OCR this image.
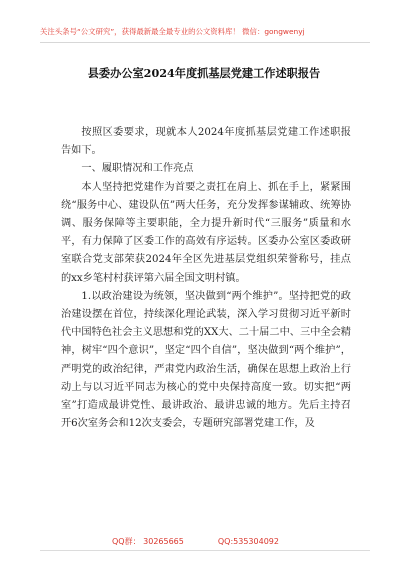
关注头条号“公文研究”，获得最新最全最专业的公文资料库！ 微信：gongwenyj
县委办公室2024年度抓基层党建工作述职报告

按照区委要求，现就本人2024年度抓基层党建工作述职报告如下。

一、履职情况和工作亮点

本人坚持把党建作为首要之责扛在肩上、抓在手上，紧紧围绕“服务中心、建设队伍”两大任务，充分发挥参谋辅政、统筹协调、服务保障等主要职能，全力提升新时代“三服务”质量和水平，有力保障了区委工作的高效有序运转。区委办公室区委政研室联合党支部荣获2024年全区先进基层党组织荣誉称号，挂点的xx乡笔村村获评第六届全国文明村镇。

1.以政治建设为统领，坚决做到“两个维护”。坚持把党的政治建设摆在首位，持续深化理论武装，深入学习贯彻习近平新时代中国特色社会主义思想和党的XX大、二十届二中、三中全会精神，树牢“四个意识”，坚定“四个自信”，坚决做到“两个维护”，严明党的政治纪律，严肃党内政治生活，确保在思想上政治上行动上与以习近平同志为核心的党中央保持高度一致。切实把“两室”打造成最讲党性、最讲政治、最讲忠诚的地方。先后主持召开6次室务会和12次支委会，专题研究部署党建工作，及

QQ群： 30265665	QQ:535304092
